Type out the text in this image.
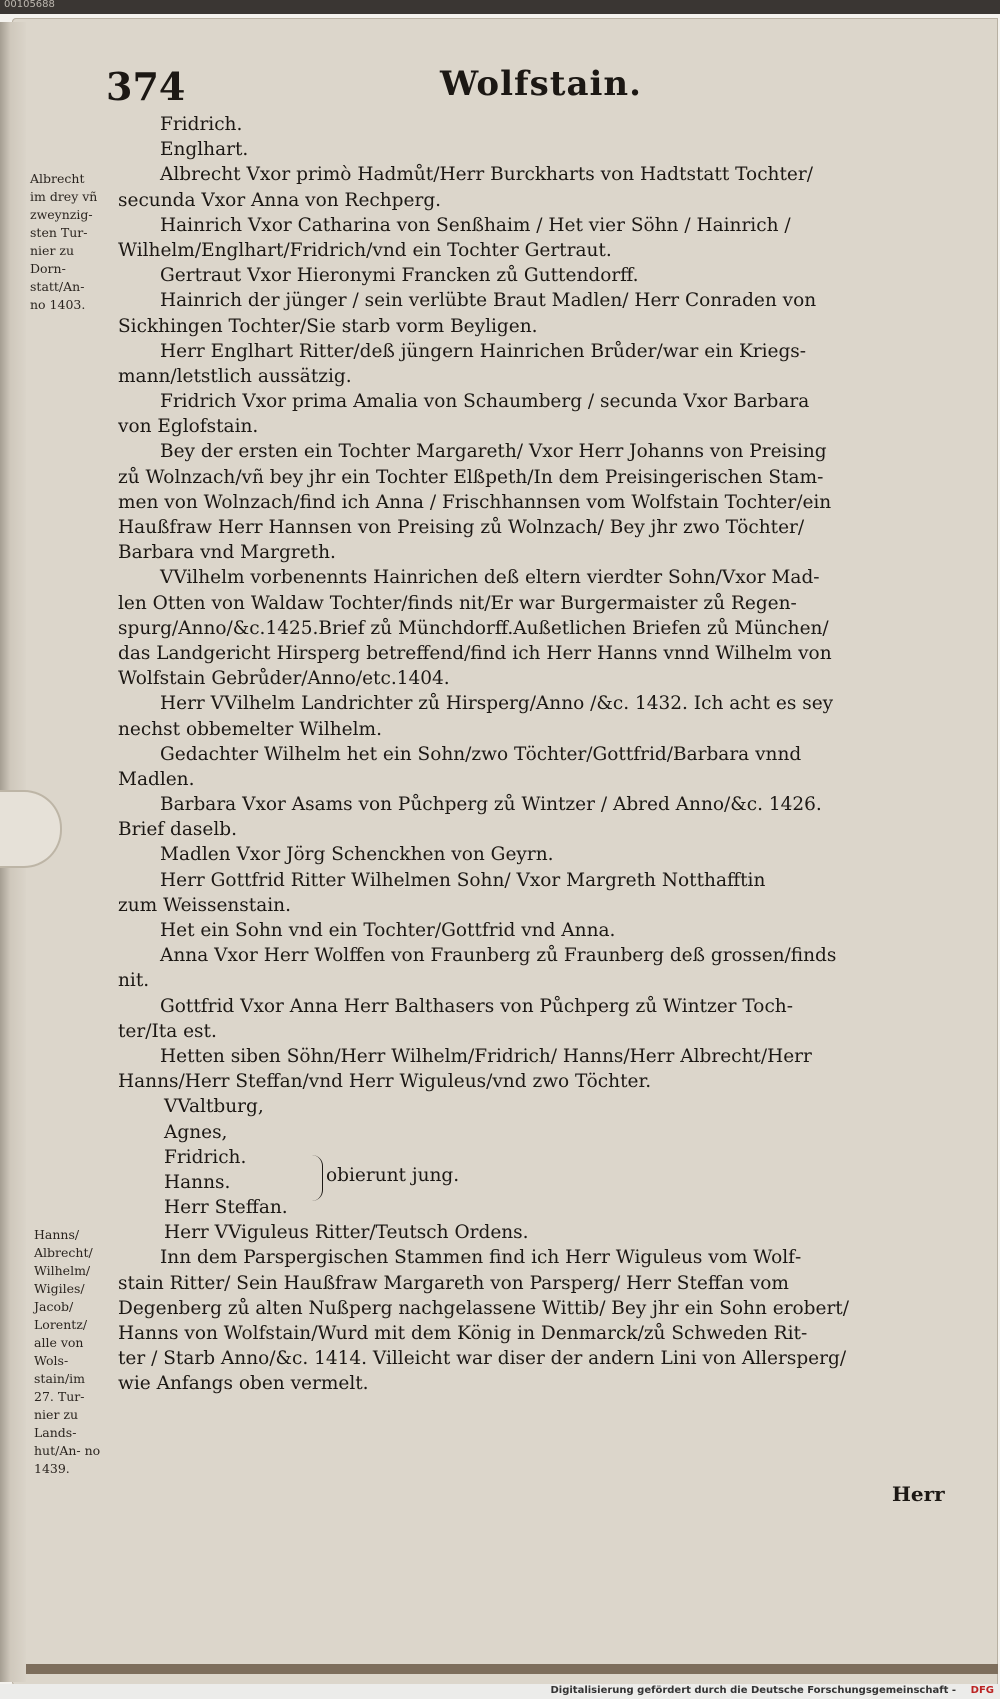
00105688
374	Wolfstain.
Albrecht im drey vñ zweynzig‑ sten Tur‑ nier zu Dorn‑ statt/An‑ no 1403.
Hanns/ Albrecht/ Wilhelm/ Wigiles/ Jacob/ Lorentz/ alle von Wols‑ stain/im 27. Tur‑ nier zu Lands‑ hut/An‑ no 1439.
Fridrich.
Englhart.
Albrecht Vxor primò Hadmůt/Herr Burckharts von Hadtstatt Tochter/
secunda Vxor Anna von Rechperg.
Hainrich Vxor Catharina von Senßhaim / Het vier Söhn / Hainrich /
Wilhelm/Englhart/Fridrich/vnd ein Tochter Gertraut.
Gertraut Vxor Hieronymi Francken zů Guttendorff.
Hainrich der jünger / sein verlübte Braut Madlen/ Herr Conraden von
Sickhingen Tochter/Sie starb vorm Beyligen.
Herr Englhart Ritter/deß jüngern Hainrichen Brůder/war ein Kriegs‑
mann/letstlich aussätzig.
Fridrich Vxor prima Amalia von Schaumberg / secunda Vxor Barbara
von Eglofstain.
Bey der ersten ein Tochter Margareth/ Vxor Herr Johanns von Preising
zů Wolnzach/vñ bey jhr ein Tochter Elßpeth/In dem Preisingerischen Stam‑
men von Wolnzach/find ich Anna / Frischhannsen vom Wolfstain Tochter/ein
Haußfraw Herr Hannsen von Preising zů Wolnzach/ Bey jhr zwo Töchter/
Barbara vnd Margreth.
VVilhelm vorbenennts Hainrichen deß eltern vierdter Sohn/Vxor Mad‑
len Otten von Waldaw Tochter/finds nit/Er war Burgermaister zů Regen‑
spurg/Anno/&c.1425.Brief zů Münchdorff.Außetlichen Briefen zů München/
das Landgericht Hirsperg betreffend/find ich Herr Hanns vnnd Wilhelm von
Wolfstain Gebrůder/Anno/etc.1404.
Herr VVilhelm Landrichter zů Hirsperg/Anno /&c. 1432. Ich acht es sey
nechst obbemelter Wilhelm.
Gedachter Wilhelm het ein Sohn/zwo Töchter/Gottfrid/Barbara vnnd
Madlen.
Barbara Vxor Asams von Půchperg zů Wintzer / Abred Anno/&c. 1426.
Brief daselb.
Madlen Vxor Jörg Schenckhen von Geyrn.
Herr Gottfrid Ritter Wilhelmen Sohn/ Vxor Margreth Notthafftin
zum Weissenstain.
Het ein Sohn vnd ein Tochter/Gottfrid vnd Anna.
Anna Vxor Herr Wolffen von Fraunberg zů Fraunberg deß grossen/finds
nit.
Gottfrid Vxor Anna Herr Balthasers von Půchperg zů Wintzer Toch‑
ter/Ita est.
Hetten siben Söhn/Herr Wilhelm/Fridrich/ Hanns/Herr Albrecht/Herr
Hanns/Herr Steffan/vnd Herr Wiguleus/vnd zwo Töchter.
VValtburg,
Agnes,
Fridrich.
Hanns.
Herr Steffan.
Herr VViguleus Ritter/Teutsch Ordens.
Inn dem Parspergischen Stammen find ich Herr Wiguleus vom Wolf‑
stain Ritter/ Sein Haußfraw Margareth von Parsperg/ Herr Steffan vom
Degenberg zů alten Nußperg nachgelassene Wittib/ Bey jhr ein Sohn erobert/
Hanns von Wolfstain/Wurd mit dem König in Denmarck/zů Schweden Rit‑
ter / Starb Anno/&c. 1414. Villeicht war diser der andern Lini von Allersperg/
wie Anfangs oben vermelt.
obierunt jung.
Herr
Digitalisierung gefördert durch die Deutsche Forschungsgemeinschaft - DFG
